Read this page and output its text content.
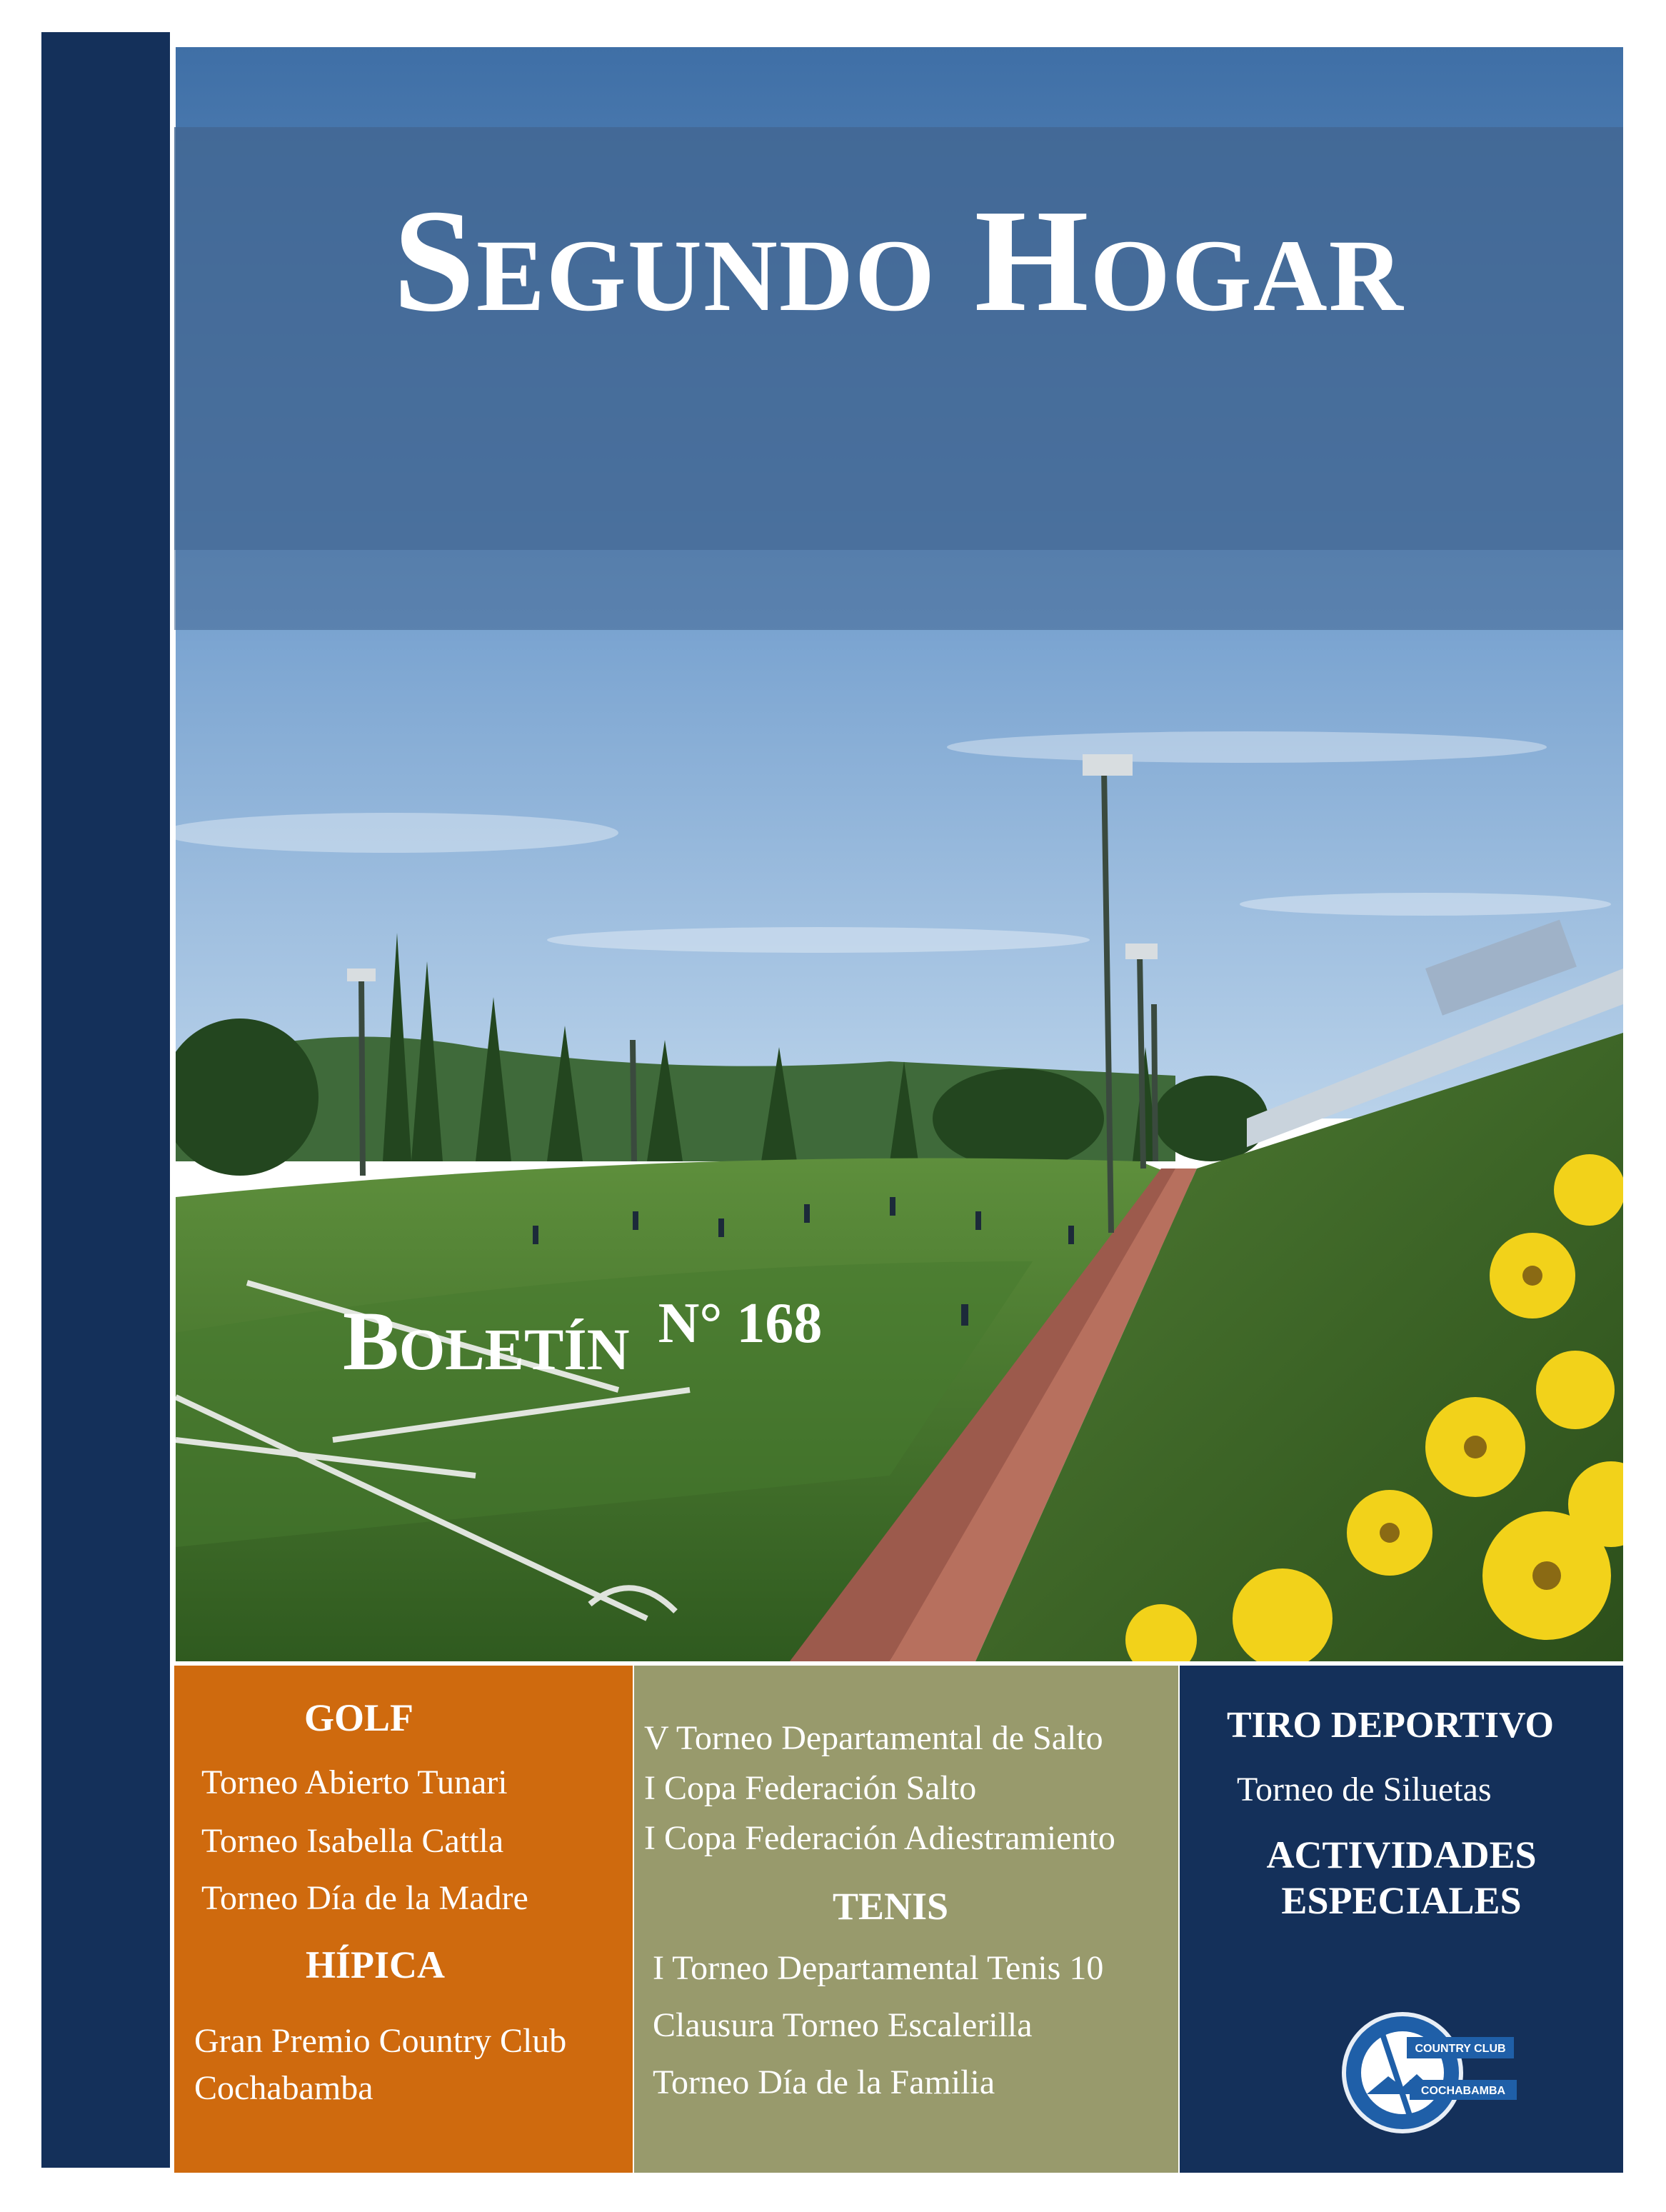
Segundo Hogar
Boletín N° 168
GOLF
Torneo Abierto Tunari
Torneo Isabella Cattla
Torneo Día de la Madre
HÍPICA
Gran Premio Country Club
Cochabamba
V Torneo Departamental de Salto
I Copa Federación Salto
I Copa Federación Adiestramiento
TENIS
I Torneo Departamental Tenis 10
Clausura Torneo Escalerilla
Torneo Día de la Familia
TIRO DEPORTIVO
Torneo de Siluetas
ACTIVIDADES
ESPECIALES
COUNTRY CLUB
COCHABAMBA
